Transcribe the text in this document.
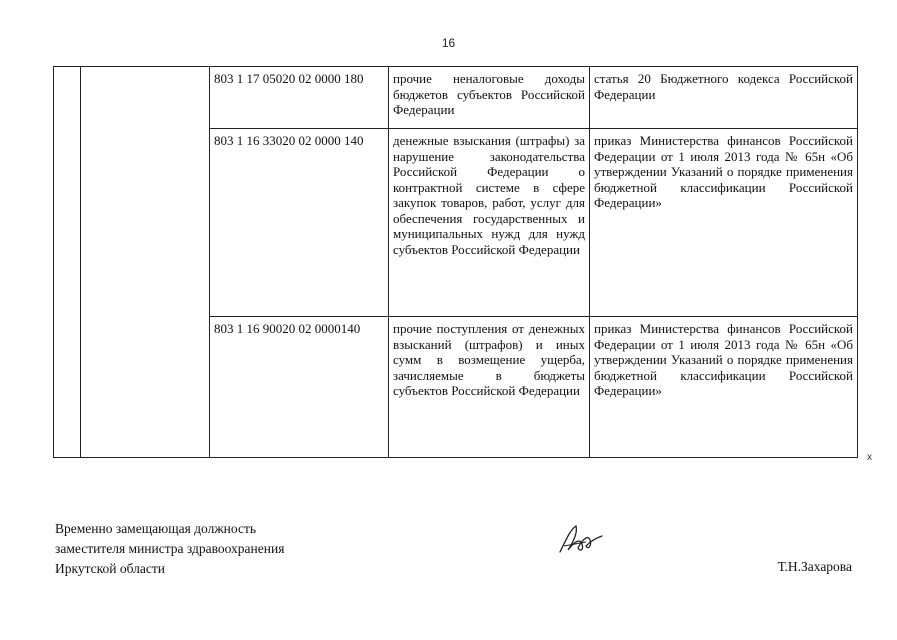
16
		803 1 17 05020 02 0000 180	прочие неналоговые доходы бюджетов субъектов Российской Федерации	статья 20 Бюджетного кодекса Российской Федерации
		803 1 16 33020 02 0000 140	денежные взыскания (штрафы) за нарушение законодательства Российской Федерации о контрактной системе в сфере закупок товаров, работ, услуг для обеспечения государственных и муниципальных нужд для нужд субъектов Российской Федерации	приказ Министерства финансов Российской Федерации от 1 июля 2013 года № 65н «Об утверждении Указаний о порядке применения бюджетной классификации Российской Федерации»
		803 1 16 90020 02 0000140	прочие поступления от денежных взысканий (штрафов) и иных сумм в возмещение ущерба, зачисляемые в бюджеты субъектов Российской Федерации	приказ Министерства финансов Российской Федерации от 1 июля 2013 года № 65н «Об утверждении Указаний о порядке применения бюджетной классификации Российской Федерации»
x
Временно замещающая должность
заместителя министра здравоохранения
Иркутской области	Т.Н.Захарова
